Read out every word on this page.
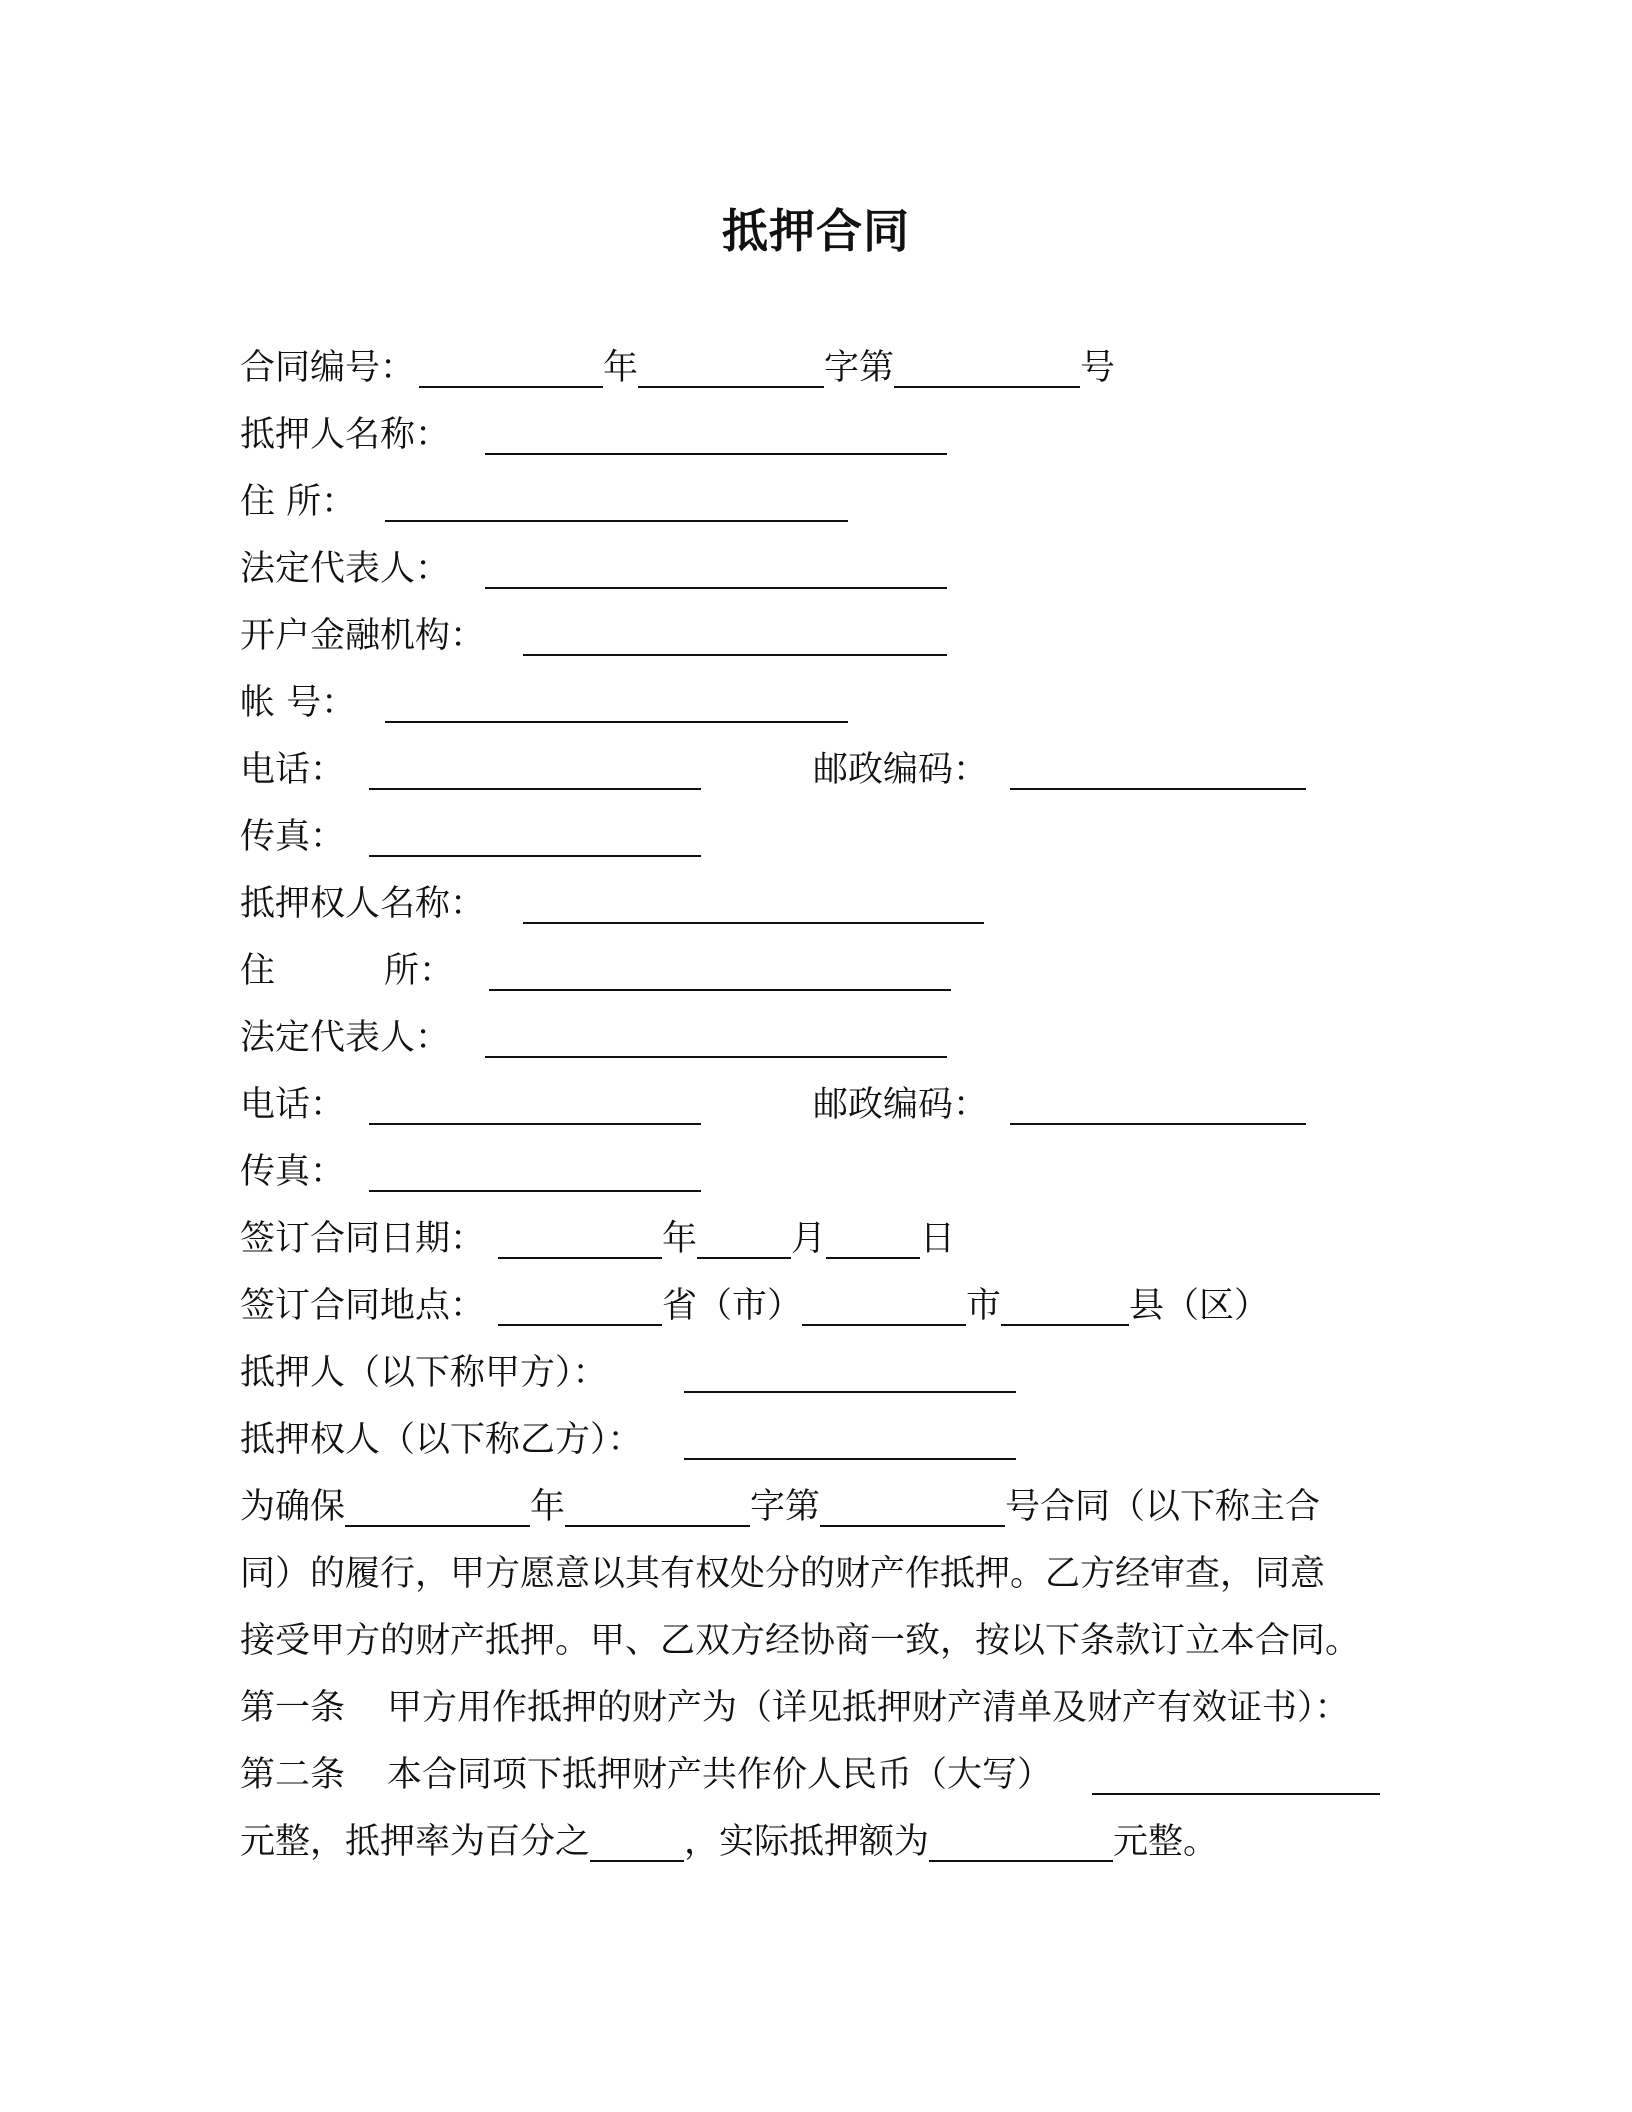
抵押合同
合同编号：	年	字第	号
抵押人名称：
住 所：
法定代表人：
开户金融机构：
帐 号：
电话：	邮政编码：
传真：
抵押权人名称：
住	所：
法定代表人：
电话：	邮政编码：
传真：
签订合同日期：	年	月	日
签订合同地点：	省（市）	市	县（区）
抵押人（以下称甲方）：
抵押权人（以下称乙方）：
为确保	年	字第	号合同（以下称主合
同）的履行，甲方愿意以其有权处分的财产作抵押。乙方经审查，同意
接受甲方的财产抵押。甲、乙双方经协商一致，按以下条款订立本合同。
第一条 甲方用作抵押的财产为（详见抵押财产清单及财产有效证书）：
第二条 本合同项下抵押财产共作价人民币（大写）
元整，抵押率为百分之	，实际抵押额为	元整。
